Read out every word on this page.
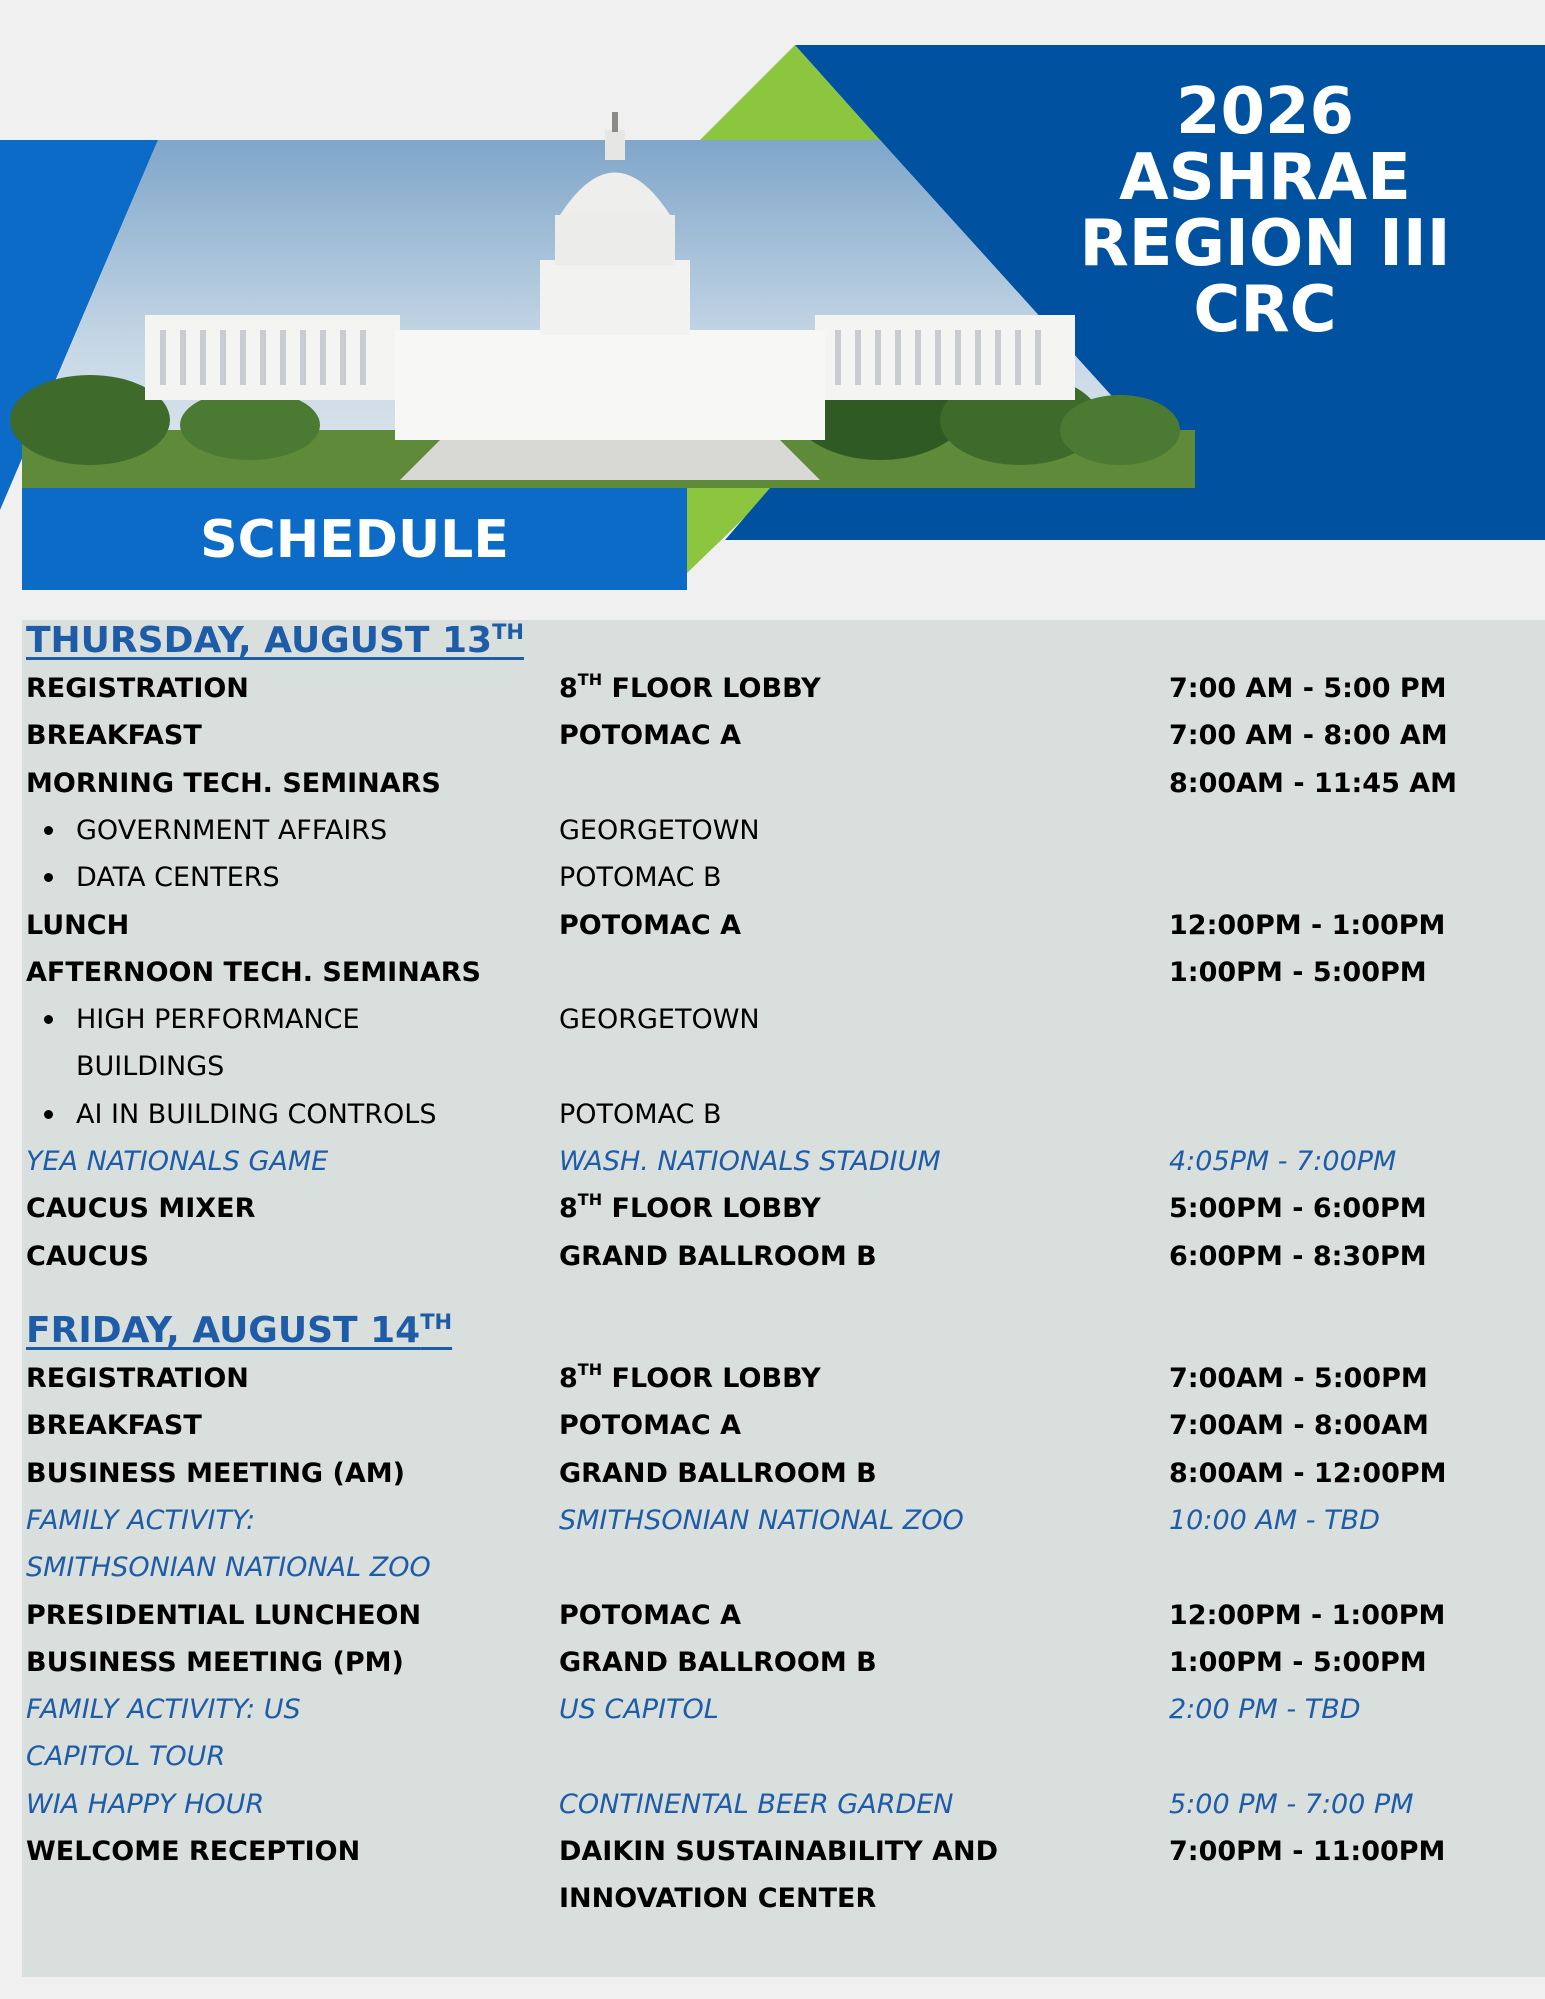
2026
ASHRAE
REGION III
CRC
SCHEDULE
THURSDAY, AUGUST 13TH
REGISTRATION	8TH FLOOR LOBBY	7:00 AM - 5:00 PM
BREAKFAST	POTOMAC A	7:00 AM - 8:00 AM
MORNING TECH. SEMINARS	8:00AM - 11:45 AM
GOVERNMENT AFFAIRS	GEORGETOWN
DATA CENTERS	POTOMAC B
LUNCH	POTOMAC A	12:00PM - 1:00PM
AFTERNOON TECH. SEMINARS	1:00PM - 5:00PM
HIGH PERFORMANCE	GEORGETOWN
BUILDINGS
AI IN BUILDING CONTROLS	POTOMAC B
YEA NATIONALS GAME	WASH. NATIONALS STADIUM	4:05PM - 7:00PM
CAUCUS MIXER	8TH FLOOR LOBBY	5:00PM - 6:00PM
CAUCUS	GRAND BALLROOM B	6:00PM - 8:30PM
FRIDAY, AUGUST 14TH
REGISTRATION	8TH FLOOR LOBBY	7:00AM - 5:00PM
BREAKFAST	POTOMAC A	7:00AM - 8:00AM
BUSINESS MEETING (AM)	GRAND BALLROOM B	8:00AM - 12:00PM
FAMILY ACTIVITY:	SMITHSONIAN NATIONAL ZOO	10:00 AM - TBD
SMITHSONIAN NATIONAL ZOO
PRESIDENTIAL LUNCHEON	POTOMAC A	12:00PM - 1:00PM
BUSINESS MEETING (PM)	GRAND BALLROOM B	1:00PM - 5:00PM
FAMILY ACTIVITY: US	US CAPITOL	2:00 PM - TBD
CAPITOL TOUR
WIA HAPPY HOUR	CONTINENTAL BEER GARDEN	5:00 PM - 7:00 PM
WELCOME RECEPTION	DAIKIN SUSTAINABILITY AND	7:00PM - 11:00PM
INNOVATION CENTER
